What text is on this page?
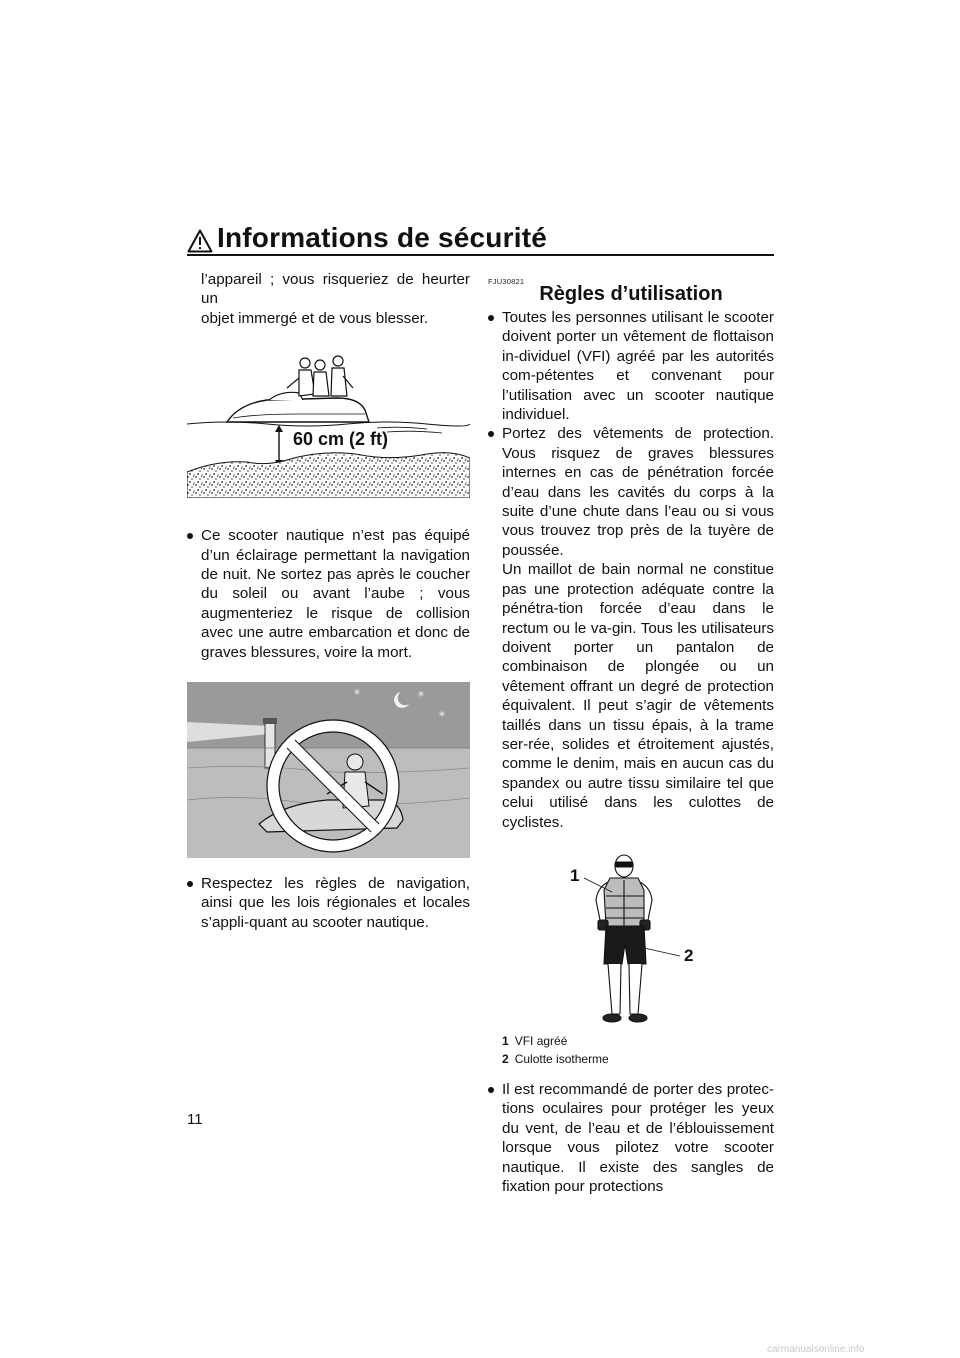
Informations de sécurité

l’appareil ; vous risqueriez de heurter un

objet immergé et de vous blesser.

60 cm (2 ft)

Ce scooter nautique n’est pas équipé d’un éclairage permettant la navigation de nuit. Ne sortez pas après le coucher du soleil ou avant l’aube ; vous augmenteriez le risque de collision avec une autre embarcation et donc de graves blessures, voire la mort.

*	*
*

Respectez les règles de navigation, ainsi que les lois régionales et locales s’appli-quant au scooter nautique.

FJU30821
Règles d’utilisation

Toutes les personnes utilisant le scooter doivent porter un vêtement de flottaison in-dividuel (VFI) agréé par les autorités com-pétentes et convenant pour l’utilisation avec un scooter nautique individuel.

Portez des vêtements de protection. Vous risquez de graves blessures internes en cas de pénétration forcée d’eau dans les cavités du corps à la suite d’une chute dans l’eau ou si vous vous trouvez trop près de la tuyère de poussée.

Un maillot de bain normal ne constitue pas une protection adéquate contre la pénétra-tion forcée d’eau dans le rectum ou le va-gin. Tous les utilisateurs doivent porter un pantalon de combinaison de plongée ou un vêtement offrant un degré de protection équivalent. Il peut s’agir de vêtements taillés dans un tissu épais, à la trame ser-rée, solides et étroitement ajustés, comme le denim, mais en aucun cas du spandex ou autre tissu similaire tel que celui utilisé dans les culottes de cyclistes.

1
2
1 VFI agréé
2 Culotte isotherme

Il est recommandé de porter des protec-tions oculaires pour protéger les yeux du vent, de l’eau et de l’éblouissement lorsque vous pilotez votre scooter nautique. Il existe des sangles de fixation pour protections

11
carmanualsonline.info
